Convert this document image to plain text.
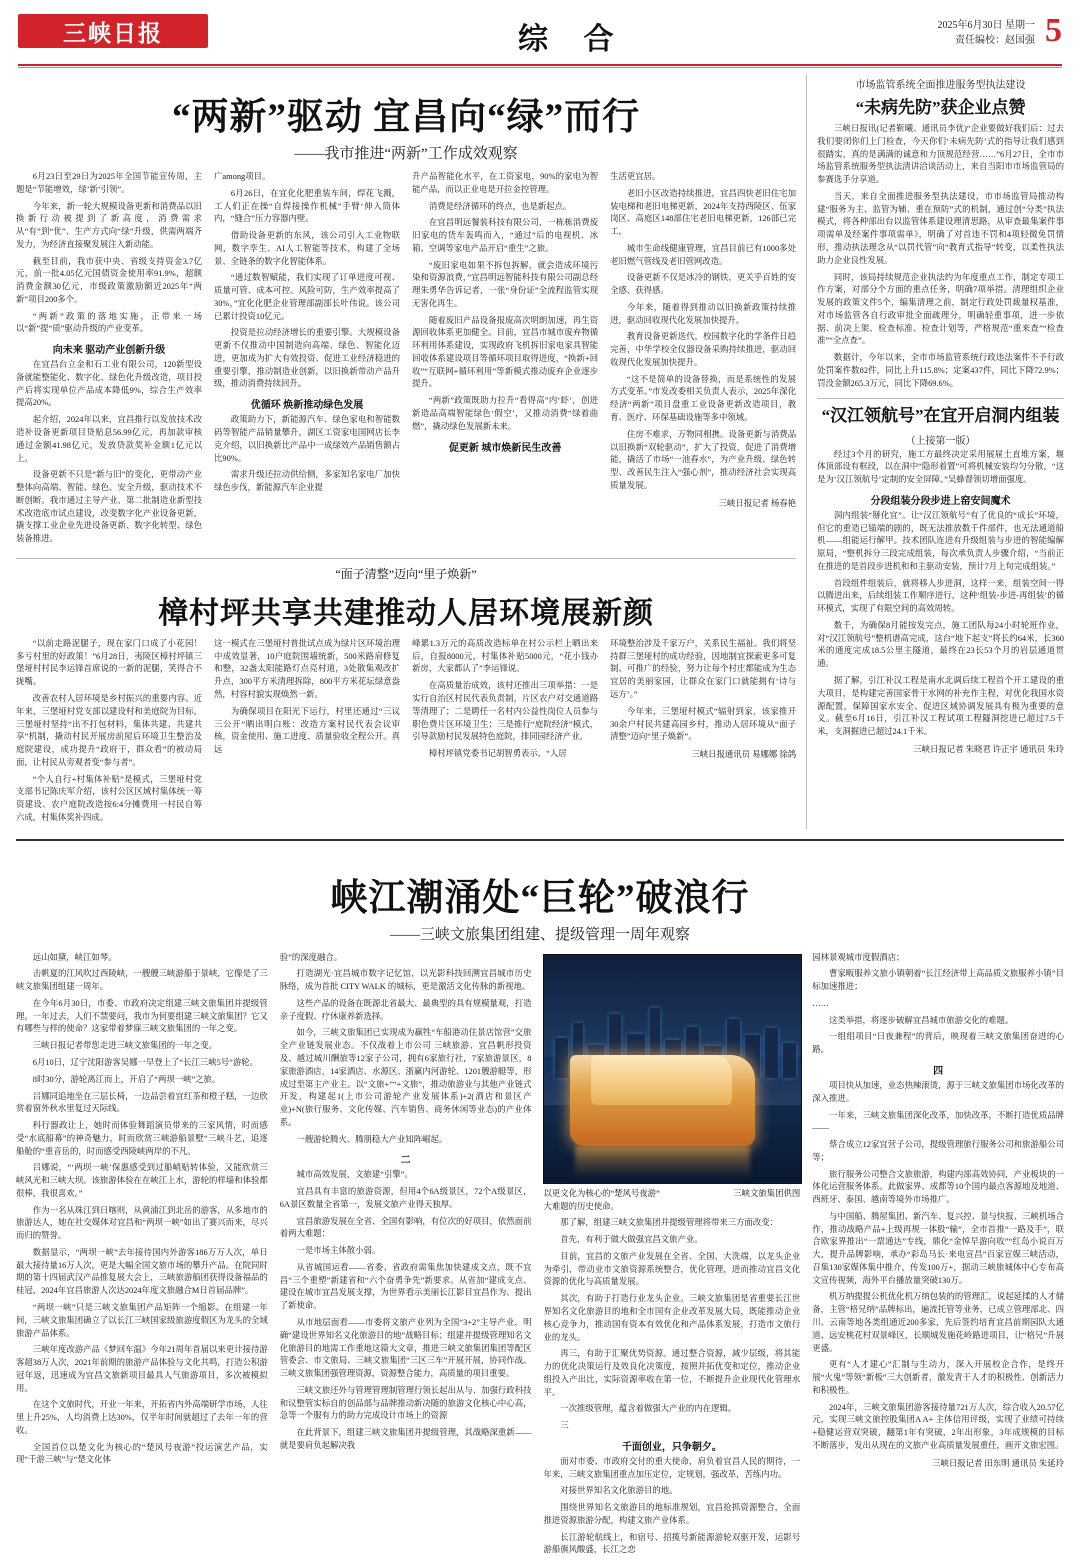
三峡日报	综 合	2025年6月30日 星期一
责任编校：赵国强 5
“两新”驱动 宜昌向“绿”而行
——我市推进“两新”工作成效观察

6月23日至29日为2025年全国节能宣传周，主题是“节能增效，绿’新’引领”。

今年来，新一轮大规模设备更新和消费品以旧换新行动被提到了新高度，消费需求从“有”到“优”、生产方式向“绿”升级，供需两端齐发力，为经济直接聚发展注入新动能。

截至目前，我市获中央、省级支持资金3.7亿元，前一批4.05亿元国债资金使用率91.9%，超额消费金额30亿元，市级政策激励额近2025年“两新”项目200多个。

“两新”政策的落地实施，正带来一场以“新”提“质”驱动升级的产业变革。

向未来 驱动产业创新升级

在宜昌台立金和石工业有限公司，120新型设备就能整能化、数字化、绿色化升级改造，项目投产后将实现单位产品成本降低9%，综合生产效率提高20%。

起介绍，2024年以来，宜昌推行以发放技术改造补设备更新项目贷贴息56.99亿元，再加款审核通过金额41.98亿元，发放贷款奖补金额1亿元以上。

设备更新不只是“新与旧”的变化，更带动产业整体向高端、智能、绿色、安全升级，驱动技术不断创断。我市通过主导产业、第二批制造业新型技术改造底市试点建设，改变数字化产业设备更新，撬支撑工业企业先进设备更新、数字化转型、绿色装备推进。

广among项目。

6月26日，在宜化化肥重装车间，焊花飞溅，工人们正在操“自焊接操作机械”手臂‘伸入筒体内，“缝合”压力容器内壁。

借助设备更新的东风，该公司引入工业物联网，数字孪生、AI人工智能等技术，构建了全场景、全链条的数字化智能体系。

“通过数智赋能，我们实现了订单进度可视、质量可管、成本可控、风险可防，生产效率提高了30%，”宜化化肥企业管理部副部长叶伟说。该公司已累计投资10亿元。

投资是拉动经济增长的重要引擎。大规模设备更新不仅推动中国制造向高端、绿色、智能化迈进，更加成为扩大有效投资、促进工业经济稳进的重要引擎，推动制造业创新，以旧换新带动产品升级，推动消费持续回升。

优循环 焕新推动绿色发展

政策助力下，新能源汽车、绿色家电和智能数码等智能产品销量攀升，湖区工资家电国网店长李克介绍，以旧换新比产品中一成绿效产品销售额占比90%。

需求升级还拉动供给侧，多家知名家电厂加快绿色步伐，新能源汽车企业提

升产品智能化水平，在工资家电，90%的家电为智能产品，而以正业电是开拉金控管理。

消费是经济循环的终点，也是新起点。

在宜昌明远餐装科技有限公司，一栋栋消费废旧家电的货车轰鸣而入，“通过”后的电视机、冰箱、空调等家电产品开启“重生”之旅。

“废旧家电如果不拆包拆解，就会造成环境污染和资源浪费，”宜昌明远智能科技有限公司副总经理朱勇华告诉记者，一张“身份证”全流程监管实现无害化再生。

随着废旧产品设备报废高次明朗加速，再生资源回收体系更加健全。目前，宜昌市城市废弃物循环利用体系建设，实现政府飞机拆旧家电家具智能回收体系建设项目等循环项目取得进度，“换新+回收”“互联网+循环利用”等新模式推动废弃企业逐步提升。

“两新”政策既助力拉升“看得高”内‘虾’，创进新造品高端智能绿色‘假空’，又推动消费“绿着曲燃”，撬动绿色发展新未来。

促更新 城市焕新民生改善

生活更宜居。

老旧小区改造持续推进，宜昌四快老旧住宅加装电梯和老旧电梯更新，2024年支持西陵区、伍家岗区、高庭区148部住宅老旧电梯更新，126部已完工。

城市生命线健康管理，宜昌目前已有1000多处老旧燃气管线及老旧管网改造。

设备更新不仅是冰冷的钢铁，更关乎百姓的安全感、获得感。

今年来，随着得到推动以旧换新政策持续推进，驱动回收现代化发展加快提升。

教育设备更新迭代，校园数字化的学条件日趋完善，中华学校全仪器设备采购持续推进，驱动回收现代化发展加快提升。

“这不是简单的设备替换，而是系统性的发展方式变革。”市发改委相关负责人表示，2025年深化经济“两新”项目盘重工业设备更新改造项目，教育、医疗、环保基础设施等多中领域。

住房不难求，万物同相携。设备更新与消费品以旧换新“双轮驱动”，扩大了投资，促进了消费增能，撬活了市场“一池春水”，为产业升级、绿色转型、改善民生注入“强心剂”，推动经济社会实现高质量发展。

三峡日报记者 杨春艳
“面子清整”迈向“里子焕新”
樟村坪共享共建推动人居环境展新颜

“以前走路泥腿子，现在家门口成了小花园！多亏村里的好政策！”6月28日，夷陵区樟村坪镇三堡垭村村民李运锋首席说的一新的泥腿，笑得合不拢嘴。

改善农村人居环境是乡村振兴的重要内容。近年来，三堡垭村党支部以建设村和美庭院为目标，三堡垭村坚持“出不打包材料，集体共建、共建共享”机制，撬动村民开展房前屋后环境卫生整治及庭院建设，成功提升“政府干，群众看”的被动局面，让村民从旁观者变“参与者”。

“个人自行+村集体补贴”是模式，三堡垭村党支部书记陈庆军介绍，该村公区区域村集体统一筹资建设、农户庭院改造按6:4分摊费用一村民自筹六成，村集体奖补四成。

这一模式在三堡垭村普批试点成为绿片区环境治理中成效显著，10户庭院围墙统新，500米路肩修复和整，32盏太阳能路灯点亮村道，3处散集观改扩升点，300平方米清理拆除，800平方米花坛绿意盎然，村容村貌实现焕然一新。

为确保项目在阳光下运行，村里还通过“三议三公开”晒出明白账：改造方案村民代表会议审核，资金使用、施工进度、质量验收全程公开。真远

峰累1.3万元的高质改造标单在村公示栏上晒出来后，自报8000元，村集体补贴5000元，“花小钱办新房，大家都认了”李运锋说。

在高质量治成效，该村还推出三项举措：一是实行自治区村民代表负责制，片区农户对交通道路等清理了；二是聘任一名村内公益性岗位人员参与职色费片区环境卫生；三是推行“庭院经济”模式，引导款励村民发展特色庭院，排同园经济产业。

樟村坪镇党委书记胡智勇表示，“人居

环境整治涉及千家万户，关系民生福祉。我们将坚持群三堡垭村的成功经验，因地制宜探索更多可复制、可推广的经验，努力让每个村庄都能成为生态宜居的美丽家园，让群众在家门口就能拥有‘诗与远方’。”

今年来，三堡垭村模式“辐射到家，该家推开30余户村民共建高园乡村，推动人居环境从“面子清整”迈向“里子焕新”。

三峡日报通讯员 易娜娜 徐鸽
市场监管系统全面推进服务型执法建设
“未病先防”获企业点赞

三峡日报讯(记者靳曦、通讯员李优)“企业要做好我们后：过去我们要闭你们上门检查，今天你们‘未病先防’式的指导让我们感到很踏实，真的是满满的诚意和力顶规范经营……”6月27日，全市市场监管系统服务型执法清讲洽谈活动上，来自当阳市市场监管局的参赛选手分享道。

当天，来自全面推进服务型执法建设，市市场监管局推动构建“服务为主、监管为辅、重在预防”式的机制，通过创“分类”执法模式，将各种部出台以监管体系建设理清思路，从审查最集案件事项需单及经案件事项需单》，明确了对首违不罚和4项轻微免罚情形，推动执法理念从“以罚代管”向“教育式指导”转变，以柔性执法助力企业良性发展。

同时，该局持续规范企业执法约为年度重点工作，制定专项工作方案，对部分个方面的重点任务，明确7项举措。清理组织企业发展的政策文件5个，编集清理之前，制定行政处罚裁量权基准，对市场监管各自行政审批全面疏理分，明确轻重事项，进一步依据、前决上架、检查标准、检查计划等，严格规范“重来查”“检查准”“全点查”。

数据计，今年以来，全市市场监管系统行政违法案件不予行政处罚案件数82件，同比上升115.8%；定案437件，同比下降72.9%；罚没金额265.3万元，同比下降69.6%。

“汉江领航号”在宜开启洞内组装
（上接第一版）

经过3个月的研究，施工方最终决定采用展屉土直堆方案，堰体顶部设有框段，以在洞中“隐形着置”可将机械安装均匀分散，“这是为‘汉江领航号’定制的安全屏障。”吴蜂督领切增面强度。

分段组装分段步进上窑安间魔术

洞内组装“掰化宜”。让“汉江领航号”有了优良的“成长”环境，但它的重造已锚端的剧的，既无法推放数千件部件，也无法通道船机——组能运行解甲。技术团队连进有升级组装与步进的智能编解原局，“整机拆分三段完成组装，每次承负责人步骤介绍，“当前正在推进的是首段步进机和和主驱动安装，预计7月上旬完成组装。”

首段组件组装后，就将移人步进洞，这样一来，组装空间一得以腾进出来，后续组装工作顺序进行，这种‘组装-步进-再组装’的循环模式，实现了有限空间的高效周转。

数千，为确保8月能按发完点，施工团队每24小时轮班作业，对“汉江领航号”整机谱高完成，这台“地下起支”将长约64米，长360米的通度完成18.5公里主隧道，最终在23长53个月的岩层通道贯通。

据了解，引江补汉工程是南水北调后续工程首个开工建设的重大项目，是构建完善国家骨干水网的补充作主程，对优化我国水资源配置，保障国家水安全、促进区域协调发展具有极为重要的意义。截至6月16日，引江补汉工程试项工程隧洞挖进已超过7.5千米，支洞掘进已超过24.1千米。

三峡日报记者 朱晓君 许正宇 通讯员 朱玲
峡江潮涌处“巨轮”破浪行
——三峡文旅集团组建、提级管理一周年观察

远山如黛，峡江如琴。

击帆夏的江风吹过西陵峡，一艘艘三峡游船于景峡，它像是了三峡文旅集团组建一周年。

在今年6月30日，市委、市政府决定组建三峡文旅集团并提级管理。一年过去，人们不禁要问，我市为何要组建三峡文旅集团？它又有哪些与样的使命？这家带着梦寐三峡文旅集团的一年之变。

三峡日报记者带您走进三峡文旅集团的一年之变。

6月10日，辽宁沈阳游客吴娜一早登上了“长江三峡5号”游轮。

8时30分，游轮离江而上，开启了“两坝一峡”之旅。

吕娜同追地坐在三层长椅，一边品尝着宜红茶和橙子糕，一边欣赏着窗外秋水里复过天际线。

科行器政让上，她时而体验舞蹈演员带来的三家风情，时而感受“水底船幕”的神奇魅力，时而欣赏三峡游船景墅“三峡斗艺，追逐船舱的“重音岳的，时而感受西陵峡两岸的不凡。

吕娜说，“‘两坝一峡’保惠感受到过船峭贴转体验，又能欣赏三峡风光和三峡大坝。该旅游体验在在峡江上水，游轮的样墙和体验都很棒，我很喜欢。”

作为一名从珠江到日喀则，从黄浦江到北岳的游客，从多地市的旅游达人，她在社交媒体对宜昌和“两坝一峡”如出了赛兴而来，尽兴而归的赞誉。

数据显示，“两坝一峡”去年接待国内外游客186万万人次，单日最大接待量16万人次，更是大幅全国文旅市场的攀升产品。在院同时期的第十四届武汉产品推复展大会上，三峡旅游船团获得设备福品的桂冠，2024年宜昌旅游人次达2024年度文旅融合M日首届品牌”。

“两坝一峡”只是三峡文旅集团产品矩阵一个缩影。在组建一年间，三峡文旅集团确立了以长江三峡国家级旅游度假区为龙头的全域旅游产品体系。

三峡年度改游产品《梦回车温》今年21周年首届以来更计接待游客超38万人次，2021年前期的旅游产品体验与文化共鸣，打造公积游冠年返，迅速成为宜昌文旅新项目最具人气旅游项目，多次被模拟用。

在这个文旅时代，开业一年来，开拓省内外高端研学市场，人往里上升25%，人均消费上达30%，仅半年时间就超过了去年一年的营收。

全国首位以楚文化为核心的“楚风号夜游”投运演艺产品，实现“千游三峡”与“楚文化体

验”的深度融合。

打造湖光·宜昌城市数字记忆馆，以光影科技回溯宜昌城市历史脉络，成为首批 CITY WALK 的城标，更是激活文化传脉的新视地。

这些产品的设备在既源北省最大、最典型的具有规模量观，打造亲子度假、疗休康养新选择。

如今，三峡文旅集团已实现成为赢牲“车船港动住景店馆营”交旅全产业链发展业态。不仅战着上市公司 三峡旅游、宜昌帆形投资及、越过城川酬旅等12家子公司，拥有6家旅行社，7家旅游景区，8家旅游酒店，14家酒店、水源区、浙赢内河游轮、1201艘游艇等，形成过至第主产业主。以“文旅+”“+文旅”，推动旅游业与其他产业链式开发，构建起1(上市公司游轮产业发展体系)+2(酒店和景区产业)+N(旅行服务、文化传媒、汽车销售、商务休闲等业态)的产业体系。

一艘游轮腾火、腾朋稳大产业知阵崛起。

二

城市高效发展，文旅建“引擎”。

宜昌具有丰富的旅游资源，但用4个6A级景区，72个A级景区，6A景区数量全省第一，发展文旅产业得天独厚。

宜昌旅游发展在全省、全国有影响，有位次的好项目，依然面前着两大难题：

一是市场主体散小弱。

从省城国运看——省委、省政府需集焦加快建成文点，既不宜昌“三个重塑”新建省和“六个奋勇争先”新要求。从省加“建成支点、建设在城市宜昌发展支撑，为世界看示美丽长江影目宜昌作为、提出了新使命。

从市地层面看——市委将文旅产业列为全国“3+2”主导产业，明确“建设世界知名文化旅游目的地”战略目标；组建并提级管理知名文化旅游目的地需工作重地这篇大文章，推进三峡文旅集团集团等配区管委会、市文旅局、三峡文旅集团“三区三车”开展开展，协同作战。三峡文旅集团强管理资源，资源整合能力，高质量的项目重要。

三峡文旅还外与管理管理制管理行领长起出从与、加强行政科技和议整管实标自的创品部与品牌推动新决随的旅游文化核心中心高，急等一个服有力的助力完成设计市场上的资源

在此背景下，组建三峡文旅集团并提级管理，其战略深重新——就是要肩负起解决我

以更文化为核心的“楚风号夜游”	三峡文旅集团供图

大难题的历史使命。

那了解，组建三峡文旅集团并提级管理将带来三方面改变：

首先，有利于做大做强宜昌文旅产业。

目前，宜昌的文旅产业发展在全省、全国、大洗端，以龙头企业为牵引，带动业市文旅资源系统整合，优化管理，进而推动宜昌文化资源的优化与高质量发展。

其次，有助于打造行业龙头企业。三峡文旅集团是省重要长江世界知名文化旅游目的地和全市国有企业改革发展大局，既能推动企业核心竞争力，推动国有资本有效优化和产品体系发展，打造市文旅行业的龙头。

再三，有助于汇聚优势资源。通过整合资源，减少层级，将其能力的优化决策运行及效良化决策度，按照并拓优变和定位，推动企业组投入产出比，实际资源率收在第一位，不断提升企业现代化管理水平。

一次推级管理，蕴含着做强大产业的内在逻辑。

三

千面创业，只争朝夕。

面对市委、市政府交付的重大使命，肩负着宜昌人民的期待，一年来，三峡文旅集团重点加压定位，定规划，强改革，苦练内功。

对接世界知名文化旅游目的地。

围绕世界知名文旅游目的地标准规划，宜昌抢抓资源整合，全面推进资源旅游分配，构建文旅产业体系。

长江游轮航线上，和宿号、招揽号新能源游轮双驱开发，运影号游船旗风酸盛，长江之恋

园林景观城市度假酒店；

曹家畈服养文旅小镇朝着“长江经济带上高品质文旅服养小镇”目标加速推进；

……

这类举措，将逐步破解宜昌城市旅游交化的难题。

一组组项目“日夜兼程”的背后，映现着三峡文旅集团奋进的心路。

四

项目快从加速，业态热辣滚烫，源于三峡文旅集团市场化改革的深入推进。

一年来，三峡文旅集团深化改革，加快改革，不断打造优质品牌——

蔡合成立12家宜营子公司，提级管理旅行服务公司和旅游船公司等；

旅行服务公司整合文旅旅游，构建内部高效协同，产业板块的一体化运营服务体系。此做家界、成都等10个国内最点客源地及地道、西班牙、泰国、越南等境外市场推广。

与中国船、腾屋集团、新汽车、复兴控、景与快报、三峡机场合作，推动战略产品+上级再规一体股“输”，全市首推“一路及手”，联合欧家界推出“一票通达”专线，鼎化“金悼早游向收”“红岛小说百万大，提升品牌影响，承办“彩岛马长·来电宣昌”百家宣媒三峡活动，召集130家媒体集中推介，传发100万+，据动三峡旅城体中心专布高文宣传视频，海外平台播放量突破130万。

机万纳提提公机优化机万纳包装的的管理汇，说起延揉的人才储备，主管“格兄纳”品牌标出，遍流托管等业务，已成立管理部北、四川、云南等地各类组通近200多家，先后签约培育宜昌前期园队大通道、远安桃花村双景峰区，长顺城发施花岭路进项目，让“格兄”升展更盛。

更有“人才建心”汇制与生动力，深入开展校企合作，是终开展“火鬼”等领“新板”三大创新者，激发青干人才的积极性、创新活力和积极性。

2024年，三峡文旅集团游客接待量721万人次，综合收入20.57亿元，实现三峡文旅控股集团A A+ 主体信用评级，实现了业绩可持续+稳健运营双突破，翻第1年有突破，2年出形象，3年成规模的目标不断落步，发出从现在的文旅产业高质量发展重任，画开文旅宏图。

三峡日报记者 田东明 通讯员 朱延玲
